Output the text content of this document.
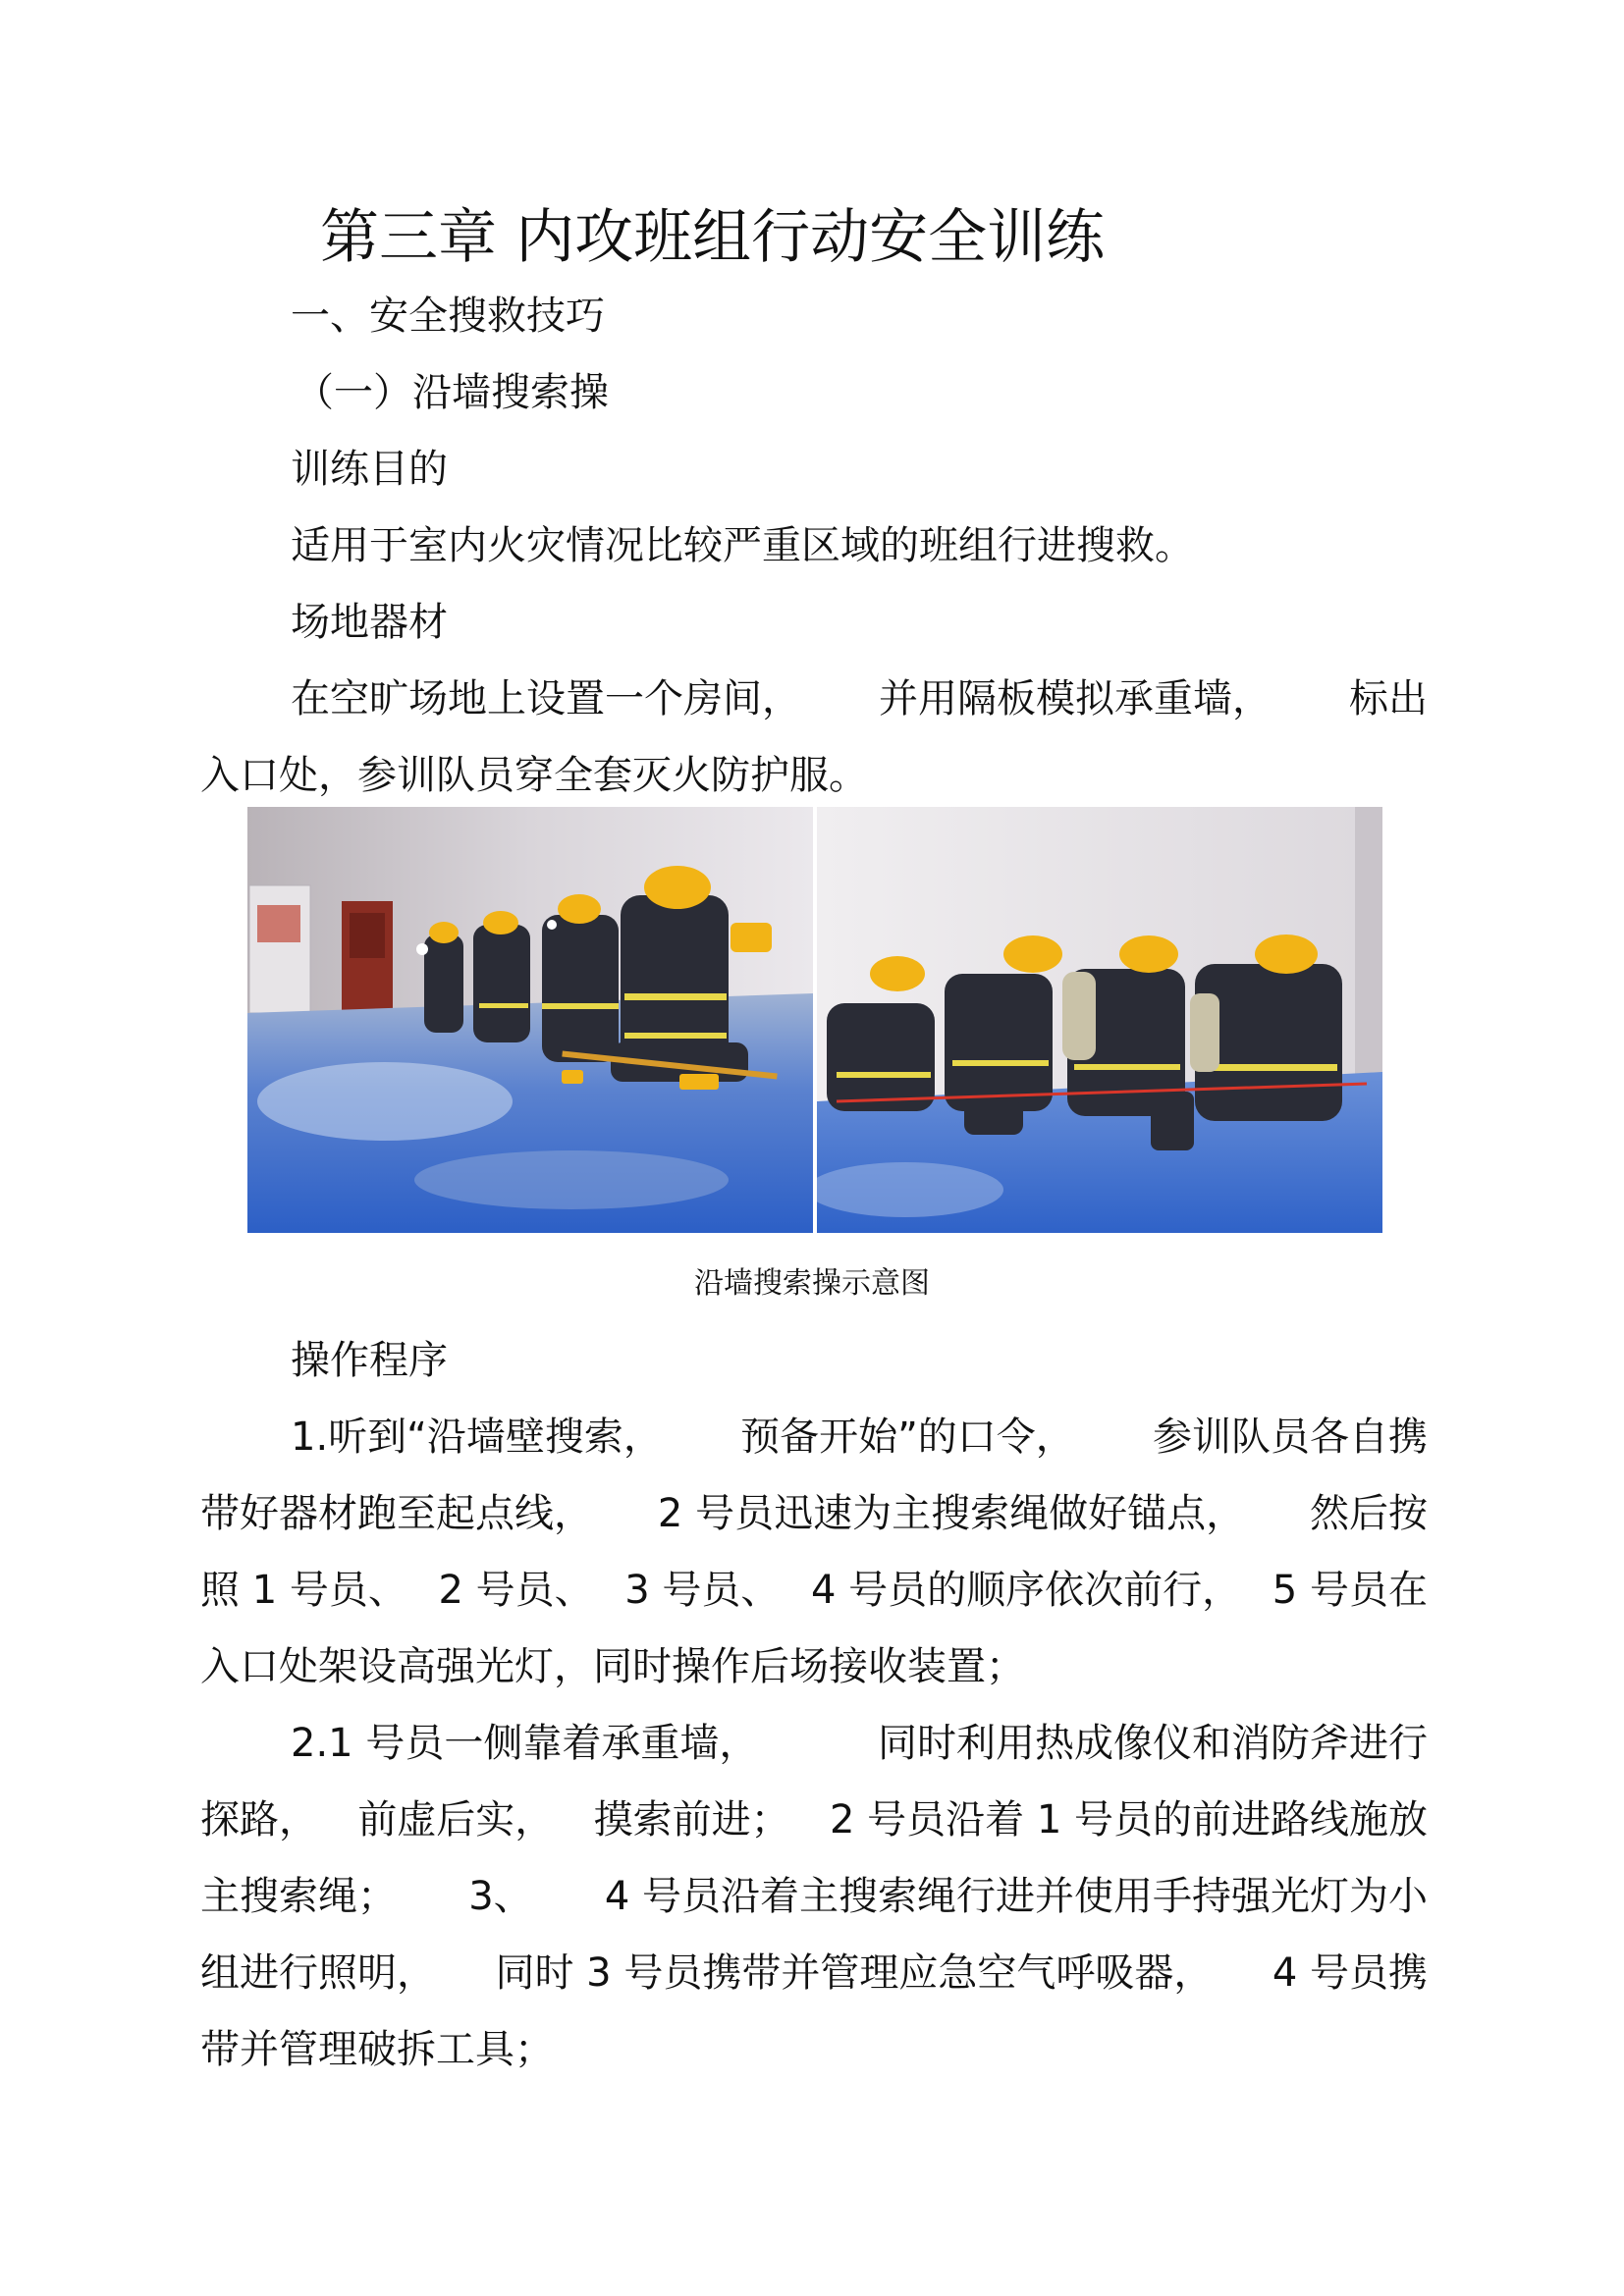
第三章 内攻班组行动安全训练
一、安全搜救技巧
（一）沿墙搜索操
训练目的
适用于室内火灾情况比较严重区域的班组行进搜救。
场地器材
在空旷场地上设置一个房间， 并用隔板模拟承重墙， 标出
入口处，参训队员穿全套灭火防护服。
沿墙搜索操示意图
操作程序
1.听到“沿墙壁搜索， 预备开始”的口令， 参训队员各自携
带好器材跑至起点线， 2 号员迅速为主搜索绳做好锚点， 然后按
照 1 号员、 2 号员、 3 号员、 4 号员的顺序依次前行， 5 号员在
入口处架设高强光灯，同时操作后场接收装置；
2.1 号员一侧靠着承重墙，	同时利用热成像仪和消防斧进行
探路， 前虚后实， 摸索前进； 2 号员沿着 1 号员的前进路线施放
主搜索绳； 3、 4 号员沿着主搜索绳行进并使用手持强光灯为小
组进行照明， 同时 3 号员携带并管理应急空气呼吸器， 4 号员携
带并管理破拆工具；
